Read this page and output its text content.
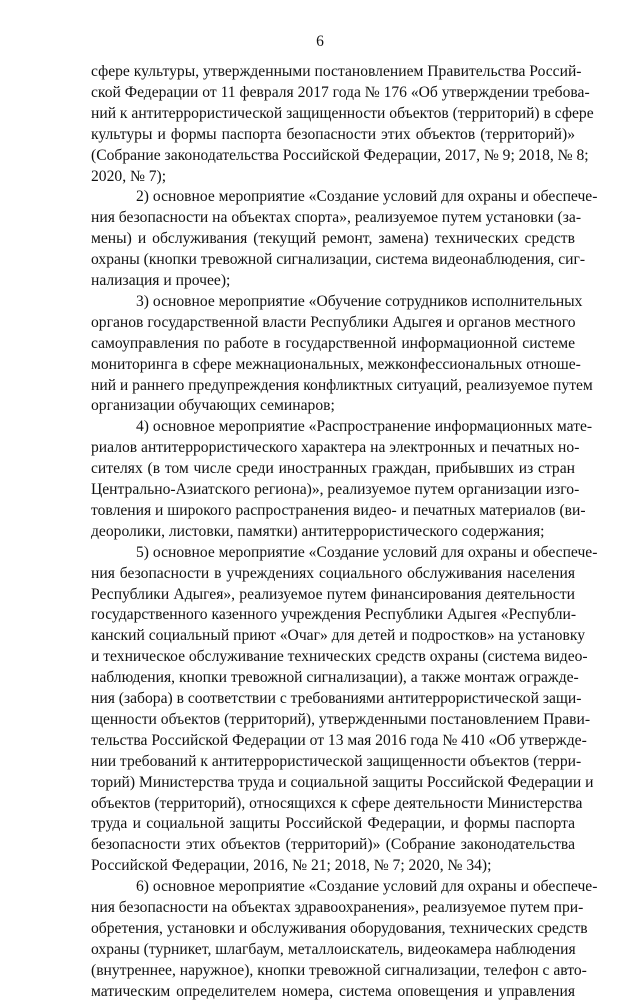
6
сфере культуры, утвержденными постановлением Правительства Россий-
ской Федерации от 11 февраля 2017 года № 176 «Об утверждении требова-
ний к антитеррористической защищенности объектов (территорий) в сфере
культуры и формы паспорта безопасности этих объектов (территорий)»
(Собрание законодательства Российской Федерации, 2017, № 9; 2018, № 8;
2020, № 7);
2) основное мероприятие «Создание условий для охраны и обеспече-
ния безопасности на объектах спорта», реализуемое путем установки (за-
мены) и обслуживания (текущий ремонт, замена) технических средств
охраны (кнопки тревожной сигнализации, система видеонаблюдения, сиг-
нализация и прочее);
3) основное мероприятие «Обучение сотрудников исполнительных
органов государственной власти Республики Адыгея и органов местного
самоуправления по работе в государственной информационной системе
мониторинга в сфере межнациональных, межконфессиональных отноше-
ний и раннего предупреждения конфликтных ситуаций, реализуемое путем
организации обучающих семинаров;
4) основное мероприятие «Распространение информационных мате-
риалов антитеррористического характера на электронных и печатных но-
сителях (в том числе среди иностранных граждан, прибывших из стран
Центрально-Азиатского региона)», реализуемое путем организации изго-
товления и широкого распространения видео- и печатных материалов (ви-
деоролики, листовки, памятки) антитеррористического содержания;
5) основное мероприятие «Создание условий для охраны и обеспече-
ния безопасности в учреждениях социального обслуживания населения
Республики Адыгея», реализуемое путем финансирования деятельности
государственного казенного учреждения Республики Адыгея «Республи-
канский социальный приют «Очаг» для детей и подростков» на установку
и техническое обслуживание технических средств охраны (система видео-
наблюдения, кнопки тревожной сигнализации), а также монтаж огражде-
ния (забора) в соответствии с требованиями антитеррористической защи-
щенности объектов (территорий), утвержденными постановлением Прави-
тельства Российской Федерации от 13 мая 2016 года № 410 «Об утвержде-
нии требований к антитеррористической защищенности объектов (терри-
торий) Министерства труда и социальной защиты Российской Федерации и
объектов (территорий), относящихся к сфере деятельности Министерства
труда и социальной защиты Российской Федерации, и формы паспорта
безопасности этих объектов (территорий)» (Собрание законодательства
Российской Федерации, 2016, № 21; 2018, № 7; 2020, № 34);
6) основное мероприятие «Создание условий для охраны и обеспече-
ния безопасности на объектах здравоохранения», реализуемое путем при-
обретения, установки и обслуживания оборудования, технических средств
охраны (турникет, шлагбаум, металлоискатель, видеокамера наблюдения
(внутреннее, наружное), кнопки тревожной сигнализации, телефон с авто-
матическим определителем номера, система оповещения и управления
